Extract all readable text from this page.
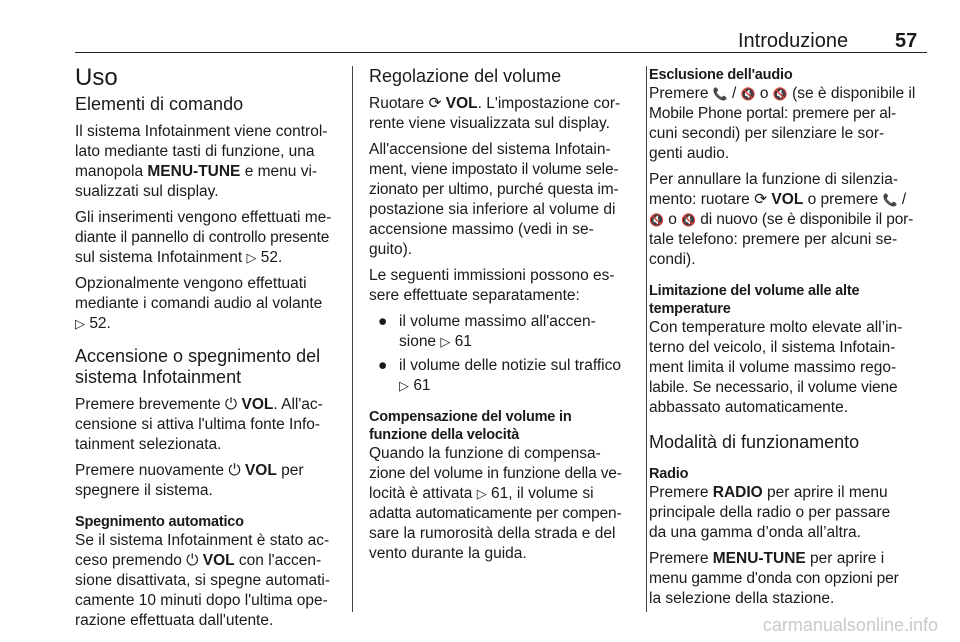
Introduzione 57
Uso
Elementi di comando

Il sistema Infotainment viene control-
lato mediante tasti di funzione, una
manopola MENU-TUNE e menu vi-
sualizzati sul display.

Gli inserimenti vengono effettuati me-
diante il pannello di controllo presente
sul sistema Infotainment ▷ 52.

Opzionalmente vengono effettuati
mediante i comandi audio al volante
▷ 52.

Accensione o spegnimento del
sistema Infotainment

Premere brevemente ⏻ VOL. All'ac-
censione si attiva l'ultima fonte Info-
tainment selezionata.

Premere nuovamente ⏻ VOL per
spegnere il sistema.

Spegnimento automatico

Se il sistema Infotainment è stato ac-
ceso premendo ⏻ VOL con l'accen-
sione disattivata, si spegne automati-
camente 10 minuti dopo l'ultima ope-
razione effettuata dall'utente.

Regolazione del volume

Ruotare ⟳ VOL. L'impostazione cor-
rente viene visualizzata sul display.

All'accensione del sistema Infotain-
ment, viene impostato il volume sele-
zionato per ultimo, purché questa im-
postazione sia inferiore al volume di
accensione massimo (vedi in se-
guito).

Le seguenti immissioni possono es-
sere effettuate separatamente:

● il volume massimo all'accen-
sione ▷ 61
● il volume delle notizie sul traffico
▷ 61
Compensazione del volume in
funzione della velocità

Quando la funzione di compensa-
zione del volume in funzione della ve-
locità è attivata ▷ 61, il volume si
adatta automaticamente per compen-
sare la rumorosità della strada e del
vento durante la guida.

Esclusione dell'audio

Premere 📞 / 🔇 o 🔇 (se è disponibile il
Mobile Phone portal: premere per al-
cuni secondi) per silenziare le sor-
genti audio.

Per annullare la funzione di silenzia-
mento: ruotare ⟳ VOL o premere 📞 /
🔇 o 🔇 di nuovo (se è disponibile il por-
tale telefono: premere per alcuni se-
condi).

Limitazione del volume alle alte
temperature

Con temperature molto elevate all’in-
terno del veicolo, il sistema Infotain-
ment limita il volume massimo rego-
labile. Se necessario, il volume viene
abbassato automaticamente.

Modalità di funzionamento
Radio

Premere RADIO per aprire il menu
principale della radio o per passare
da una gamma d’onda all’altra.

Premere MENU-TUNE per aprire i
menu gamme d'onda con opzioni per
la selezione della stazione.

carmanualsonline.info
